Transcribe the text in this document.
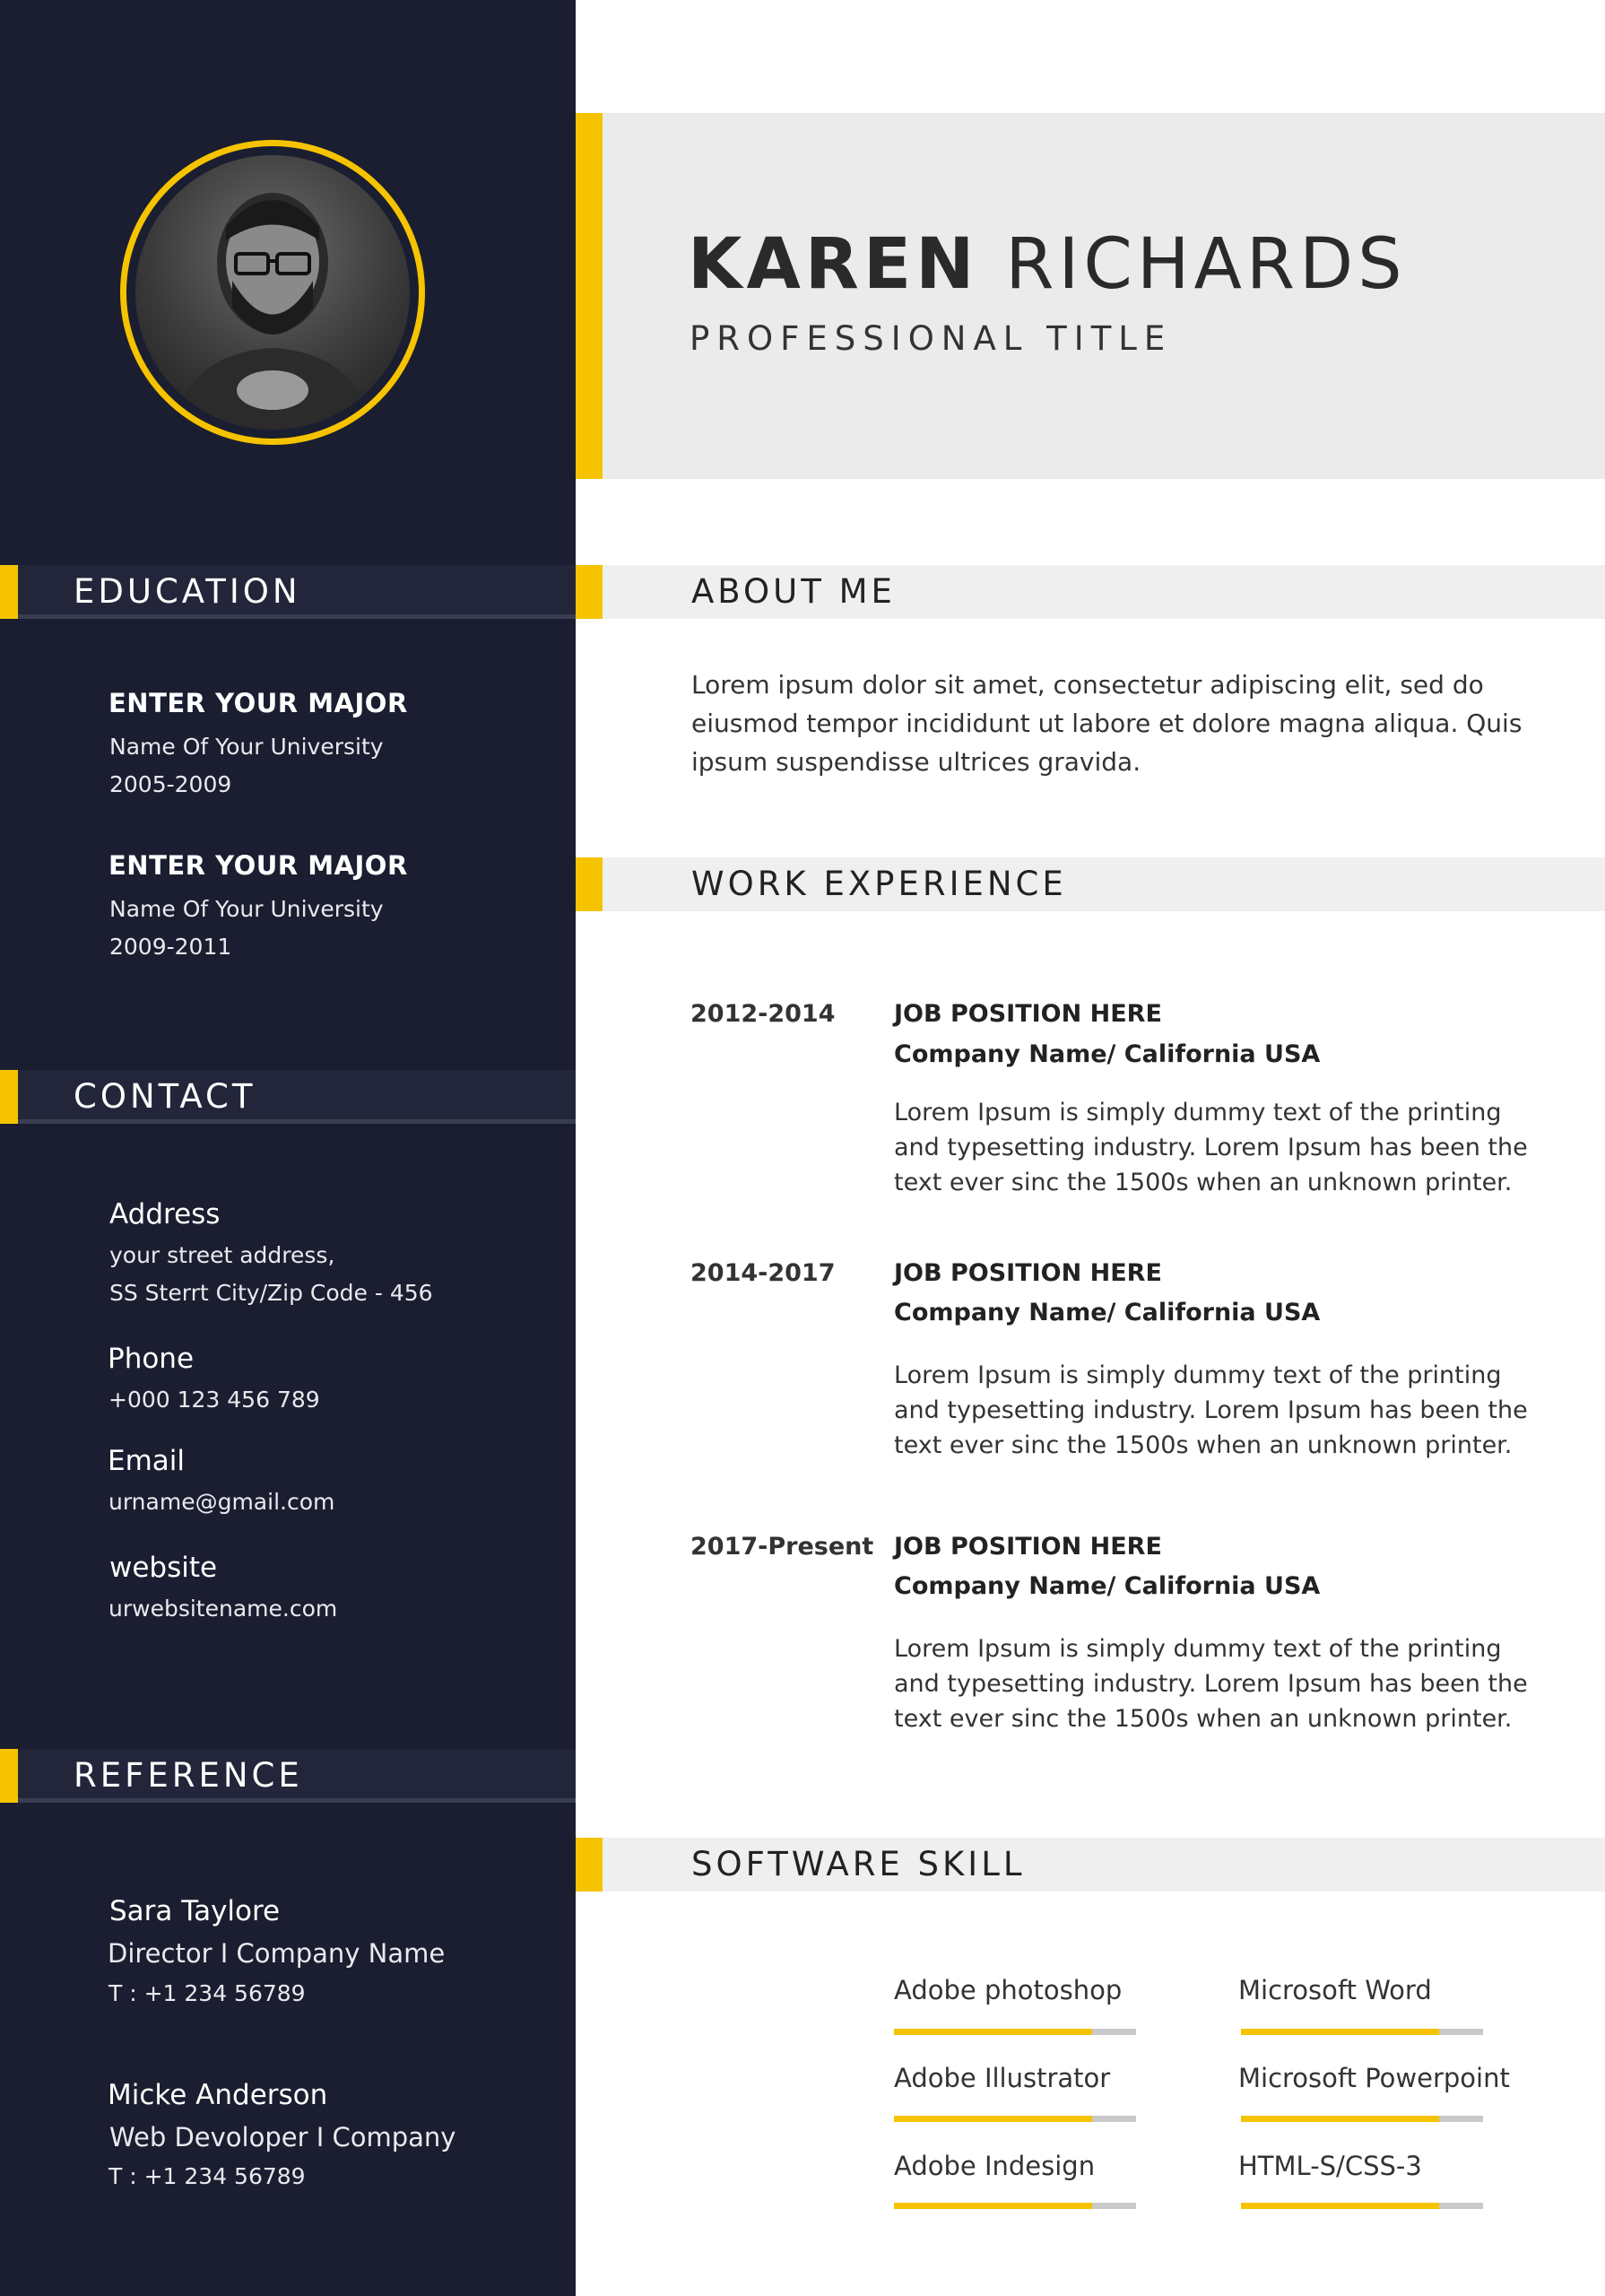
EDUCATION
ENTER YOUR MAJOR
Name Of Your University
2005-2009
ENTER YOUR MAJOR
Name Of Your University
2009-2011
CONTACT
Address
your street address,
SS Sterrt City/Zip Code - 456
Phone
+000 123 456 789
Email
urname@gmail.com
website
urwebsitename.com
REFERENCE
Sara Taylore
Director I Company Name
T : +1 234 56789
Micke Anderson
Web Devoloper I Company
T : +1 234 56789
KAREN RICHARDS
PROFESSIONAL TITLE
ABOUT ME
Lorem ipsum dolor sit amet, consectetur adipiscing elit, sed do
eiusmod tempor incididunt ut labore et dolore magna aliqua. Quis
ipsum suspendisse ultrices gravida.
WORK EXPERIENCE
2012-2014 JOB POSITION HERE
Company Name/ California USA
Lorem Ipsum is simply dummy text of the printing
and typesetting industry. Lorem Ipsum has been the
text ever sinc the 1500s when an unknown printer.
2014-2017 JOB POSITION HERE
Company Name/ California USA
Lorem Ipsum is simply dummy text of the printing
and typesetting industry. Lorem Ipsum has been the
text ever sinc the 1500s when an unknown printer.
2017-Present JOB POSITION HERE
Company Name/ California USA
Lorem Ipsum is simply dummy text of the printing
and typesetting industry. Lorem Ipsum has been the
text ever sinc the 1500s when an unknown printer.
SOFTWARE SKILL
Adobe photoshop	Microsoft Word
Adobe Illustrator	Microsoft Powerpoint
Adobe Indesign	HTML-S/CSS-3
